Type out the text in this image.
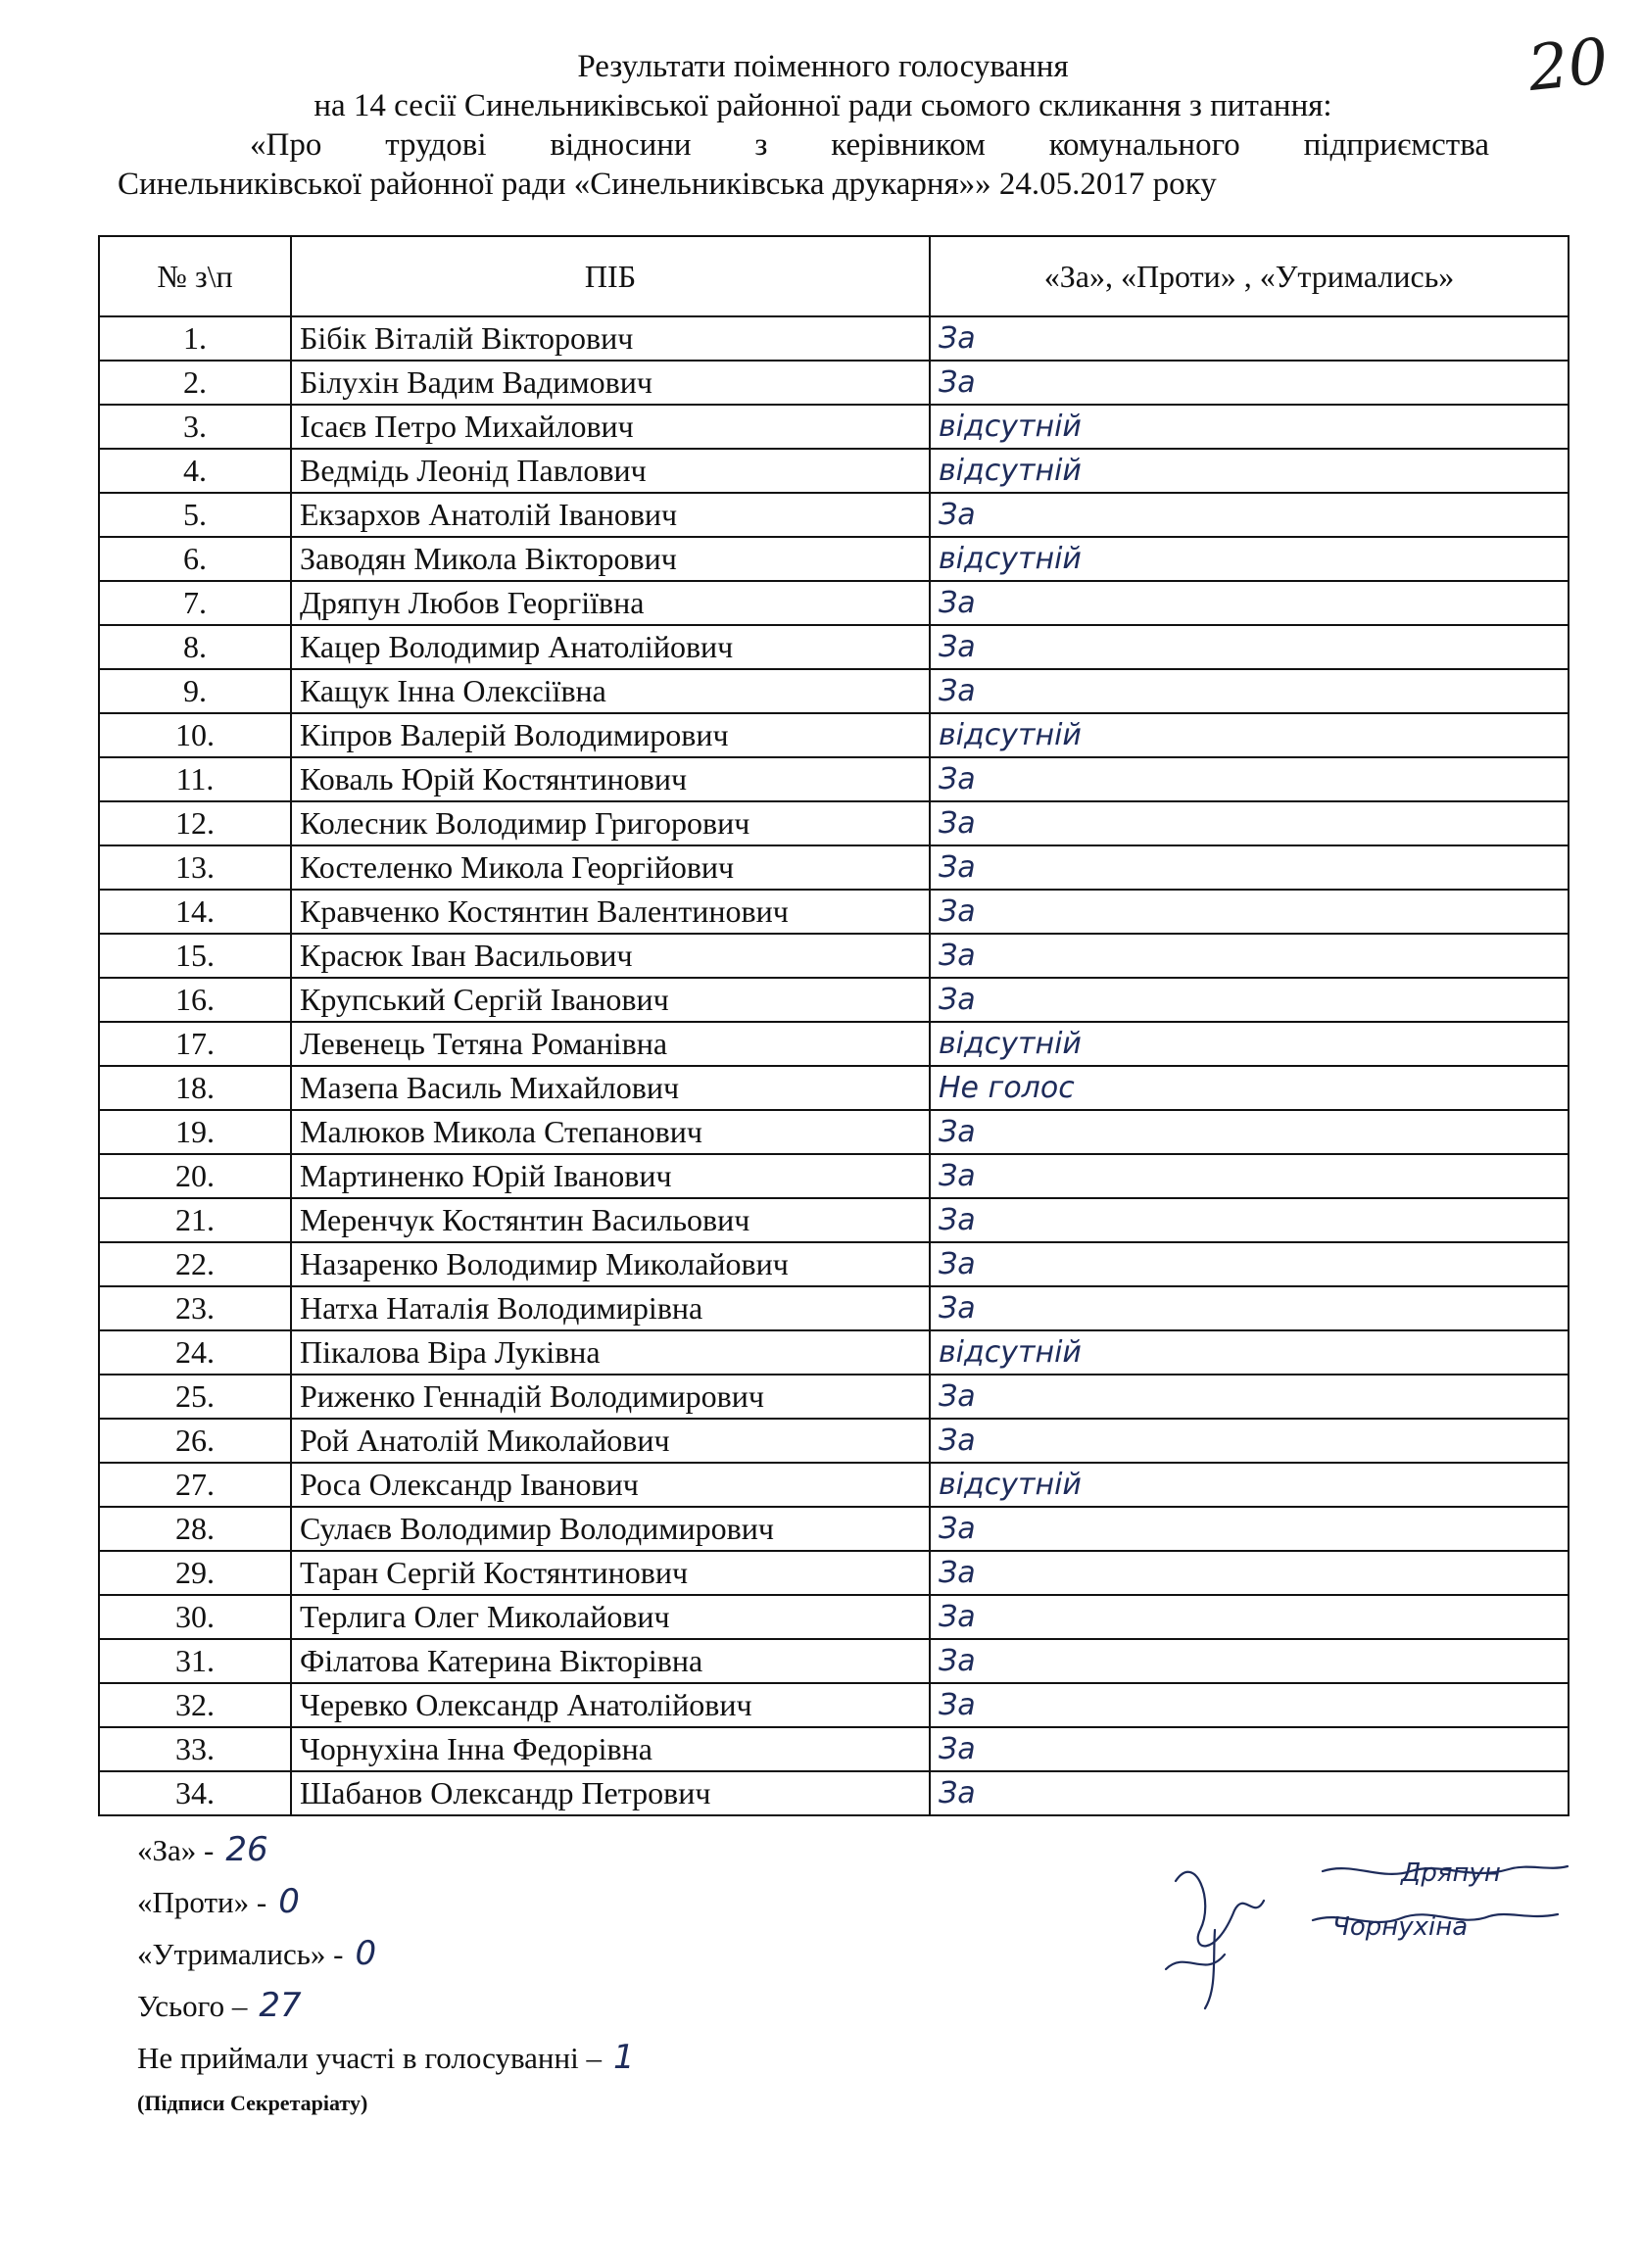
20
Результати поіменного голосування
на 14 сесії Синельниківської районної ради сьомого скликання з питання:
«Про трудові відносини з керівником комунального підприємства
Синельниківської районної ради «Синельниківська друкарня»» 24.05.2017 року
№ з\п	ПІБ	«За», «Проти» , «Утримались»
1.	Бібік Віталій Вікторович	За
2.	Білухін Вадим Вадимович	За
3.	Ісаєв Петро Михайлович	відсутній
4.	Ведмідь Леонід Павлович	відсутній
5.	Екзархов Анатолій Іванович	За
6.	Заводян Микола Вікторович	відсутній
7.	Дряпун Любов Георгіївна	За
8.	Кацер Володимир Анатолійович	За
9.	Кащук Інна Олексіївна	За
10.	Кіпров Валерій Володимирович	відсутній
11.	Коваль Юрій Костянтинович	За
12.	Колесник Володимир Григорович	За
13.	Костеленко Микола Георгійович	За
14.	Кравченко Костянтин Валентинович	За
15.	Красюк Іван Васильович	За
16.	Крупський Сергій Іванович	За
17.	Левенець Тетяна Романівна	відсутній
18.	Мазепа Василь Михайлович	Не голос
19.	Малюков Микола Степанович	За
20.	Мартиненко Юрій Іванович	За
21.	Меренчук Костянтин Васильович	За
22.	Назаренко Володимир Миколайович	За
23.	Натха Наталія Володимирівна	За
24.	Пікалова Віра Луківна	відсутній
25.	Риженко Геннадій Володимирович	За
26.	Рой Анатолій Миколайович	За
27.	Роса Олександр Іванович	відсутній
28.	Сулаєв Володимир Володимирович	За
29.	Таран Сергій Костянтинович	За
30.	Терлига Олег Миколайович	За
31.	Філатова Катерина Вікторівна	За
32.	Черевко Олександр Анатолійович	За
33.	Чорнухіна Інна Федорівна	За
34.	Шабанов Олександр Петрович	За
«За» - 26
«Проти» - 0
«Утримались» - 0
Усього – 27
Не приймали участі в голосуванні – 1
(Підписи Секретаріату)
Дряпун
Чорнухіна
